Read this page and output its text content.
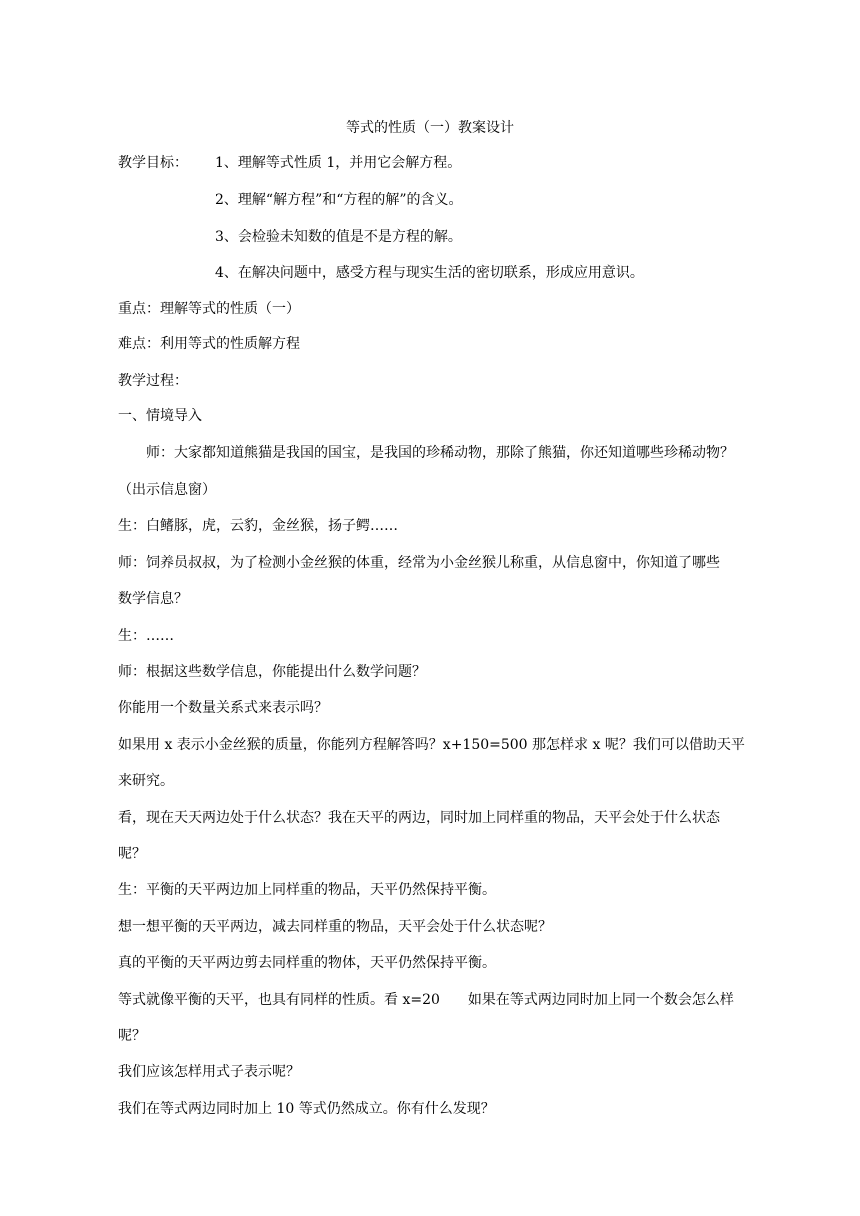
等式的性质（一）教案设计
教学目标： 1、理解等式性质 1，并用它会解方程。
2、理解“解方程”和“方程的解”的含义。
3、会检验未知数的值是不是方程的解。
4、在解决问题中，感受方程与现实生活的密切联系，形成应用意识。
重点：理解等式的性质（一）
难点：利用等式的性质解方程
教学过程：
一、情境导入
师：大家都知道熊猫是我国的国宝，是我国的珍稀动物，那除了熊猫，你还知道哪些珍稀动物？
（出示信息窗）
生：白鳍豚，虎，云豹，金丝猴，扬子鳄……
师：饲养员叔叔，为了检测小金丝猴的体重，经常为小金丝猴儿称重，从信息窗中，你知道了哪些
数学信息？
生：……
师：根据这些数学信息，你能提出什么数学问题？
你能用一个数量关系式来表示吗？
如果用 x 表示小金丝猴的质量，你能列方程解答吗？x+150=500 那怎样求 x 呢？我们可以借助天平
来研究。
看，现在天天两边处于什么状态？我在天平的两边，同时加上同样重的物品，天平会处于什么状态
呢？
生：平衡的天平两边加上同样重的物品，天平仍然保持平衡。
想一想平衡的天平两边，减去同样重的物品，天平会处于什么状态呢？
真的平衡的天平两边剪去同样重的物体，天平仍然保持平衡。
等式就像平衡的天平，也具有同样的性质。看 x=20 如果在等式两边同时加上同一个数会怎么样
呢？
我们应该怎样用式子表示呢？
我们在等式两边同时加上 10 等式仍然成立。你有什么发现？
